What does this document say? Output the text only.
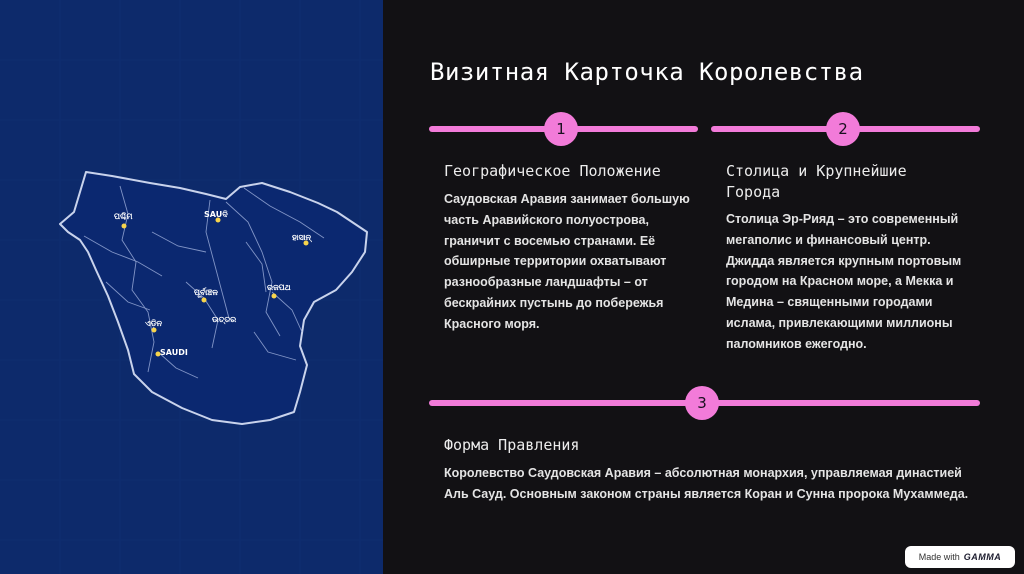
ପଶ୍ଚିମ	SAUଦି
ହାସାନ୍
ରଜପଥ
ପୂର୍ବାଞ୍ଚଳ
ଉତ୍ତର
ଏଡ଼ିନ
SAUDI
Визитная Карточка Королевства
1
Географическое Положение
Саудовская Аравия занимает большую часть Аравийского полуострова, граничит с восемью странами. Её обширные территории охватывают разнообразные ландшафты – от бескрайних пустынь до побережья Красного моря.
2
Столица и Крупнейшие Города
Столица Эр-Рияд – это современный мегаполис и финансовый центр. Джидда является крупным портовым городом на Красном море, а Мекка и Медина – священными городами ислама, привлекающими миллионы паломников ежегодно.
3
Форма Правления
Королевство Саудовская Аравия – абсолютная монархия, управляемая династией Аль Сауд. Основным законом страны является Коран и Сунна пророка Мухаммеда.
Made with GAMMA
